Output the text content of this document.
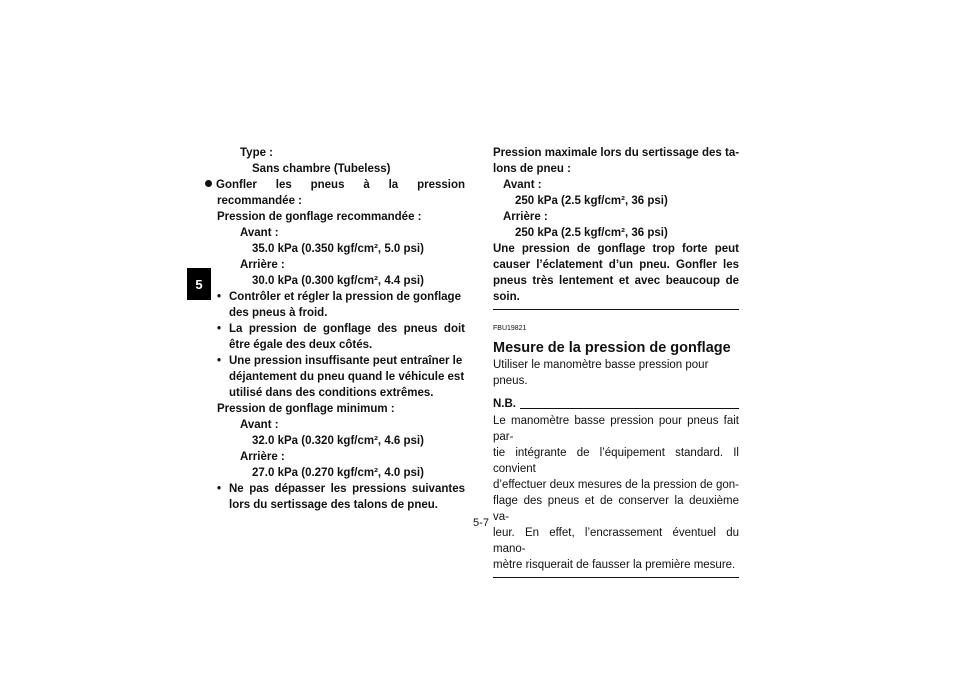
5

Type :

Sans chambre (Tubeless)

Gonfler les pneus à la pression

recommandée :

Pression de gonflage recommandée :

Avant :

35.0 kPa (0.350 kgf/cm², 5.0 psi)

Arrière :

30.0 kPa (0.300 kgf/cm², 4.4 psi)

• Contrôler et régler la pression de gonflage

des pneus à froid.

• La pression de gonflage des pneus doit

être égale des deux côtés.

• Une pression insuffisante peut entraîner le

déjantement du pneu quand le véhicule est

utilisé dans des conditions extrêmes.

Pression de gonflage minimum :

Avant :

32.0 kPa (0.320 kgf/cm², 4.6 psi)

Arrière :

27.0 kPa (0.270 kgf/cm², 4.0 psi)

• Ne pas dépasser les pressions suivantes

lors du sertissage des talons de pneu.

Pression maximale lors du sertissage des ta-

lons de pneu :

Avant :

250 kPa (2.5 kgf/cm², 36 psi)

Arrière :

250 kPa (2.5 kgf/cm², 36 psi)

Une pression de gonflage trop forte peut

causer l’éclatement d’un pneu. Gonfler les

pneus très lentement et avec beaucoup de

soin.

FBU19821

Mesure de la pression de gonflage

Utiliser le manomètre basse pression pour pneus.

N.B.
Le manomètre basse pression pour pneus fait par-
tie intégrante de l’équipement standard. Il convient
d’effectuer deux mesures de la pression de gon-
flage des pneus et de conserver la deuxième va-
leur. En effet, l’encrassement éventuel du mano-
mètre risquerait de fausser la première mesure.
5-7
